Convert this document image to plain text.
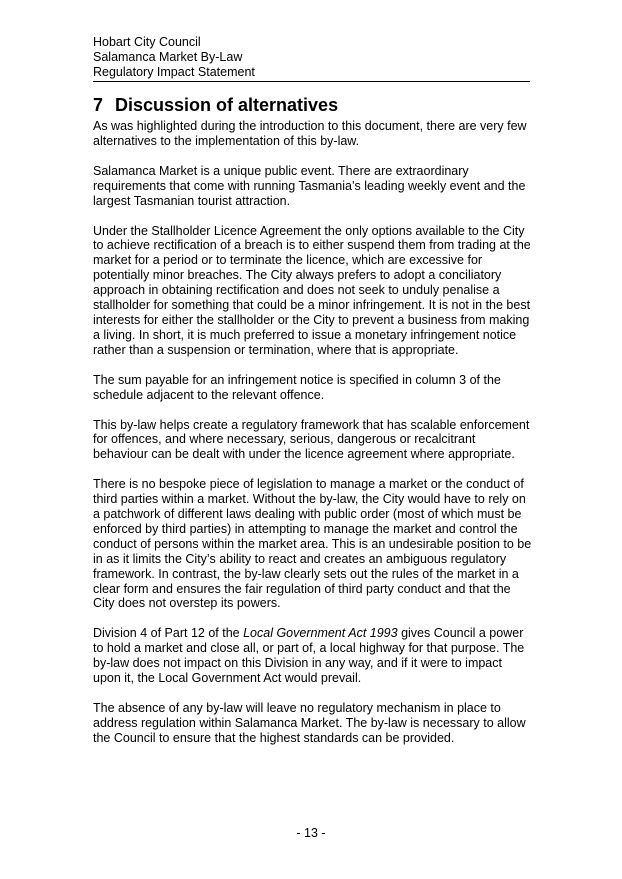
Hobart City Council
Salamanca Market By-Law
Regulatory Impact Statement
7 Discussion of alternatives

As was highlighted during the introduction to this document, there are very few alternatives to the implementation of this by-law.

Salamanca Market is a unique public event. There are extraordinary requirements that come with running Tasmania’s leading weekly event and the largest Tasmanian tourist attraction.

Under the Stallholder Licence Agreement the only options available to the City to achieve rectification of a breach is to either suspend them from trading at the market for a period or to terminate the licence, which are excessive for potentially minor breaches. The City always prefers to adopt a conciliatory approach in obtaining rectification and does not seek to unduly penalise a stallholder for something that could be a minor infringement. It is not in the best interests for either the stallholder or the City to prevent a business from making a living. In short, it is much preferred to issue a monetary infringement notice rather than a suspension or termination, where that is appropriate.

The sum payable for an infringement notice is specified in column 3 of the schedule adjacent to the relevant offence.

This by-law helps create a regulatory framework that has scalable enforcement for offences, and where necessary, serious, dangerous or recalcitrant behaviour can be dealt with under the licence agreement where appropriate.

There is no bespoke piece of legislation to manage a market or the conduct of third parties within a market. Without the by-law, the City would have to rely on a patchwork of different laws dealing with public order (most of which must be enforced by third parties) in attempting to manage the market and control the conduct of persons within the market area. This is an undesirable position to be in as it limits the City’s ability to react and creates an ambiguous regulatory framework. In contrast, the by-law clearly sets out the rules of the market in a clear form and ensures the fair regulation of third party conduct and that the City does not overstep its powers.

Division 4 of Part 12 of the Local Government Act 1993 gives Council a power to hold a market and close all, or part of, a local highway for that purpose. The by-law does not impact on this Division in any way, and if it were to impact upon it, the Local Government Act would prevail.

The absence of any by-law will leave no regulatory mechanism in place to address regulation within Salamanca Market. The by-law is necessary to allow the Council to ensure that the highest standards can be provided.

- 13 -
